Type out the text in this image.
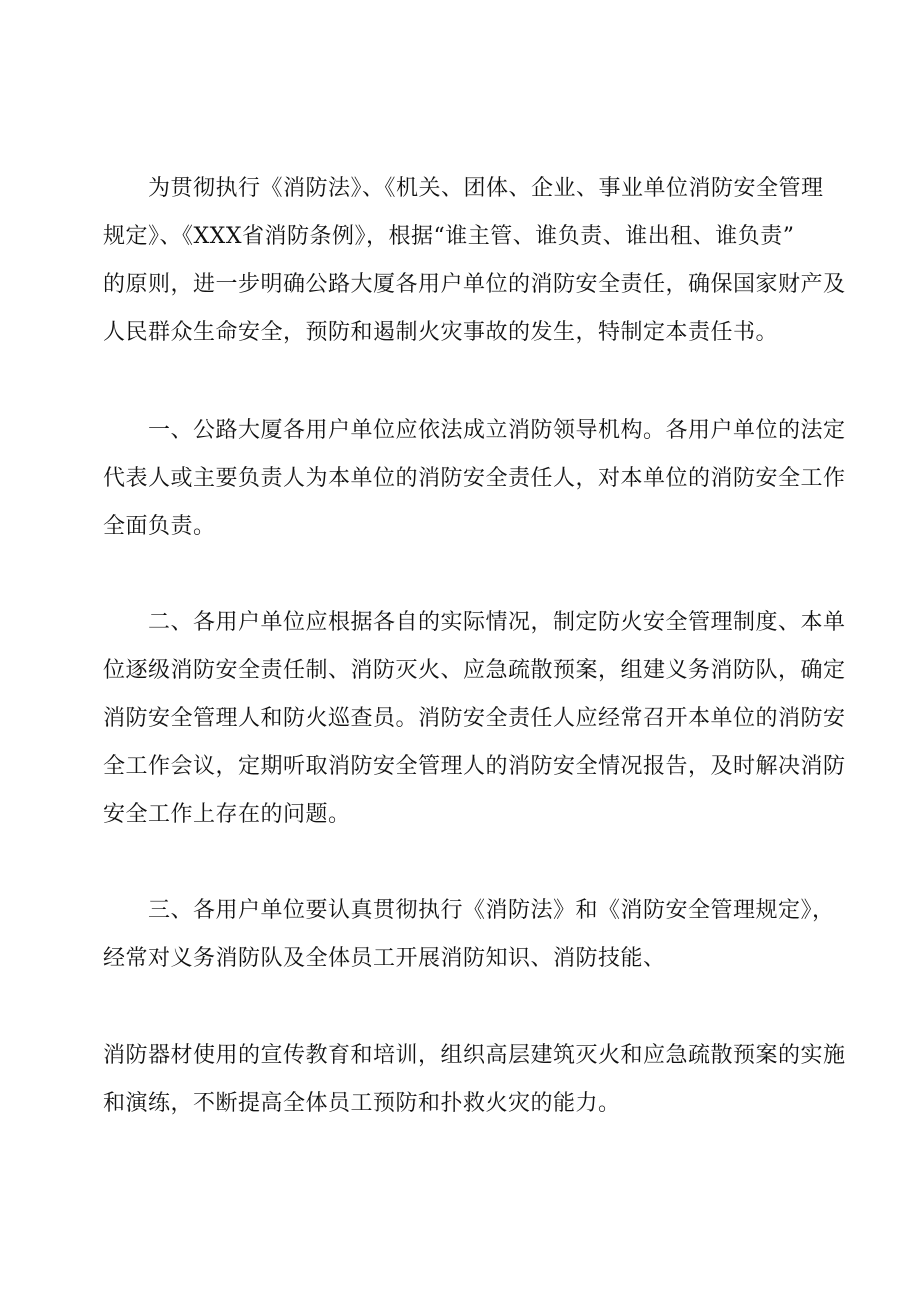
为贯彻执行《消防法》、《机关、团体、企业、事业单位消防安全管理
规定》、《XXX省消防条例》，根据“谁主管、谁负责、谁出租、谁负责”
的原则，进一步明确公路大厦各用户单位的消防安全责任，确保国家财产及
人民群众生命安全，预防和遏制火灾事故的发生，特制定本责任书。
一、公路大厦各用户单位应依法成立消防领导机构。各用户单位的法定
代表人或主要负责人为本单位的消防安全责任人，对本单位的消防安全工作
全面负责。
二、各用户单位应根据各自的实际情况，制定防火安全管理制度、本单
位逐级消防安全责任制、消防灭火、应急疏散预案，组建义务消防队，确定
消防安全管理人和防火巡查员。消防安全责任人应经常召开本单位的消防安
全工作会议，定期听取消防安全管理人的消防安全情况报告，及时解决消防
安全工作上存在的问题。
三、各用户单位要认真贯彻执行《消防法》和《消防安全管理规定》，
经常对义务消防队及全体员工开展消防知识、消防技能、
消防器材使用的宣传教育和培训，组织高层建筑灭火和应急疏散预案的实施
和演练，不断提高全体员工预防和扑救火灾的能力。
